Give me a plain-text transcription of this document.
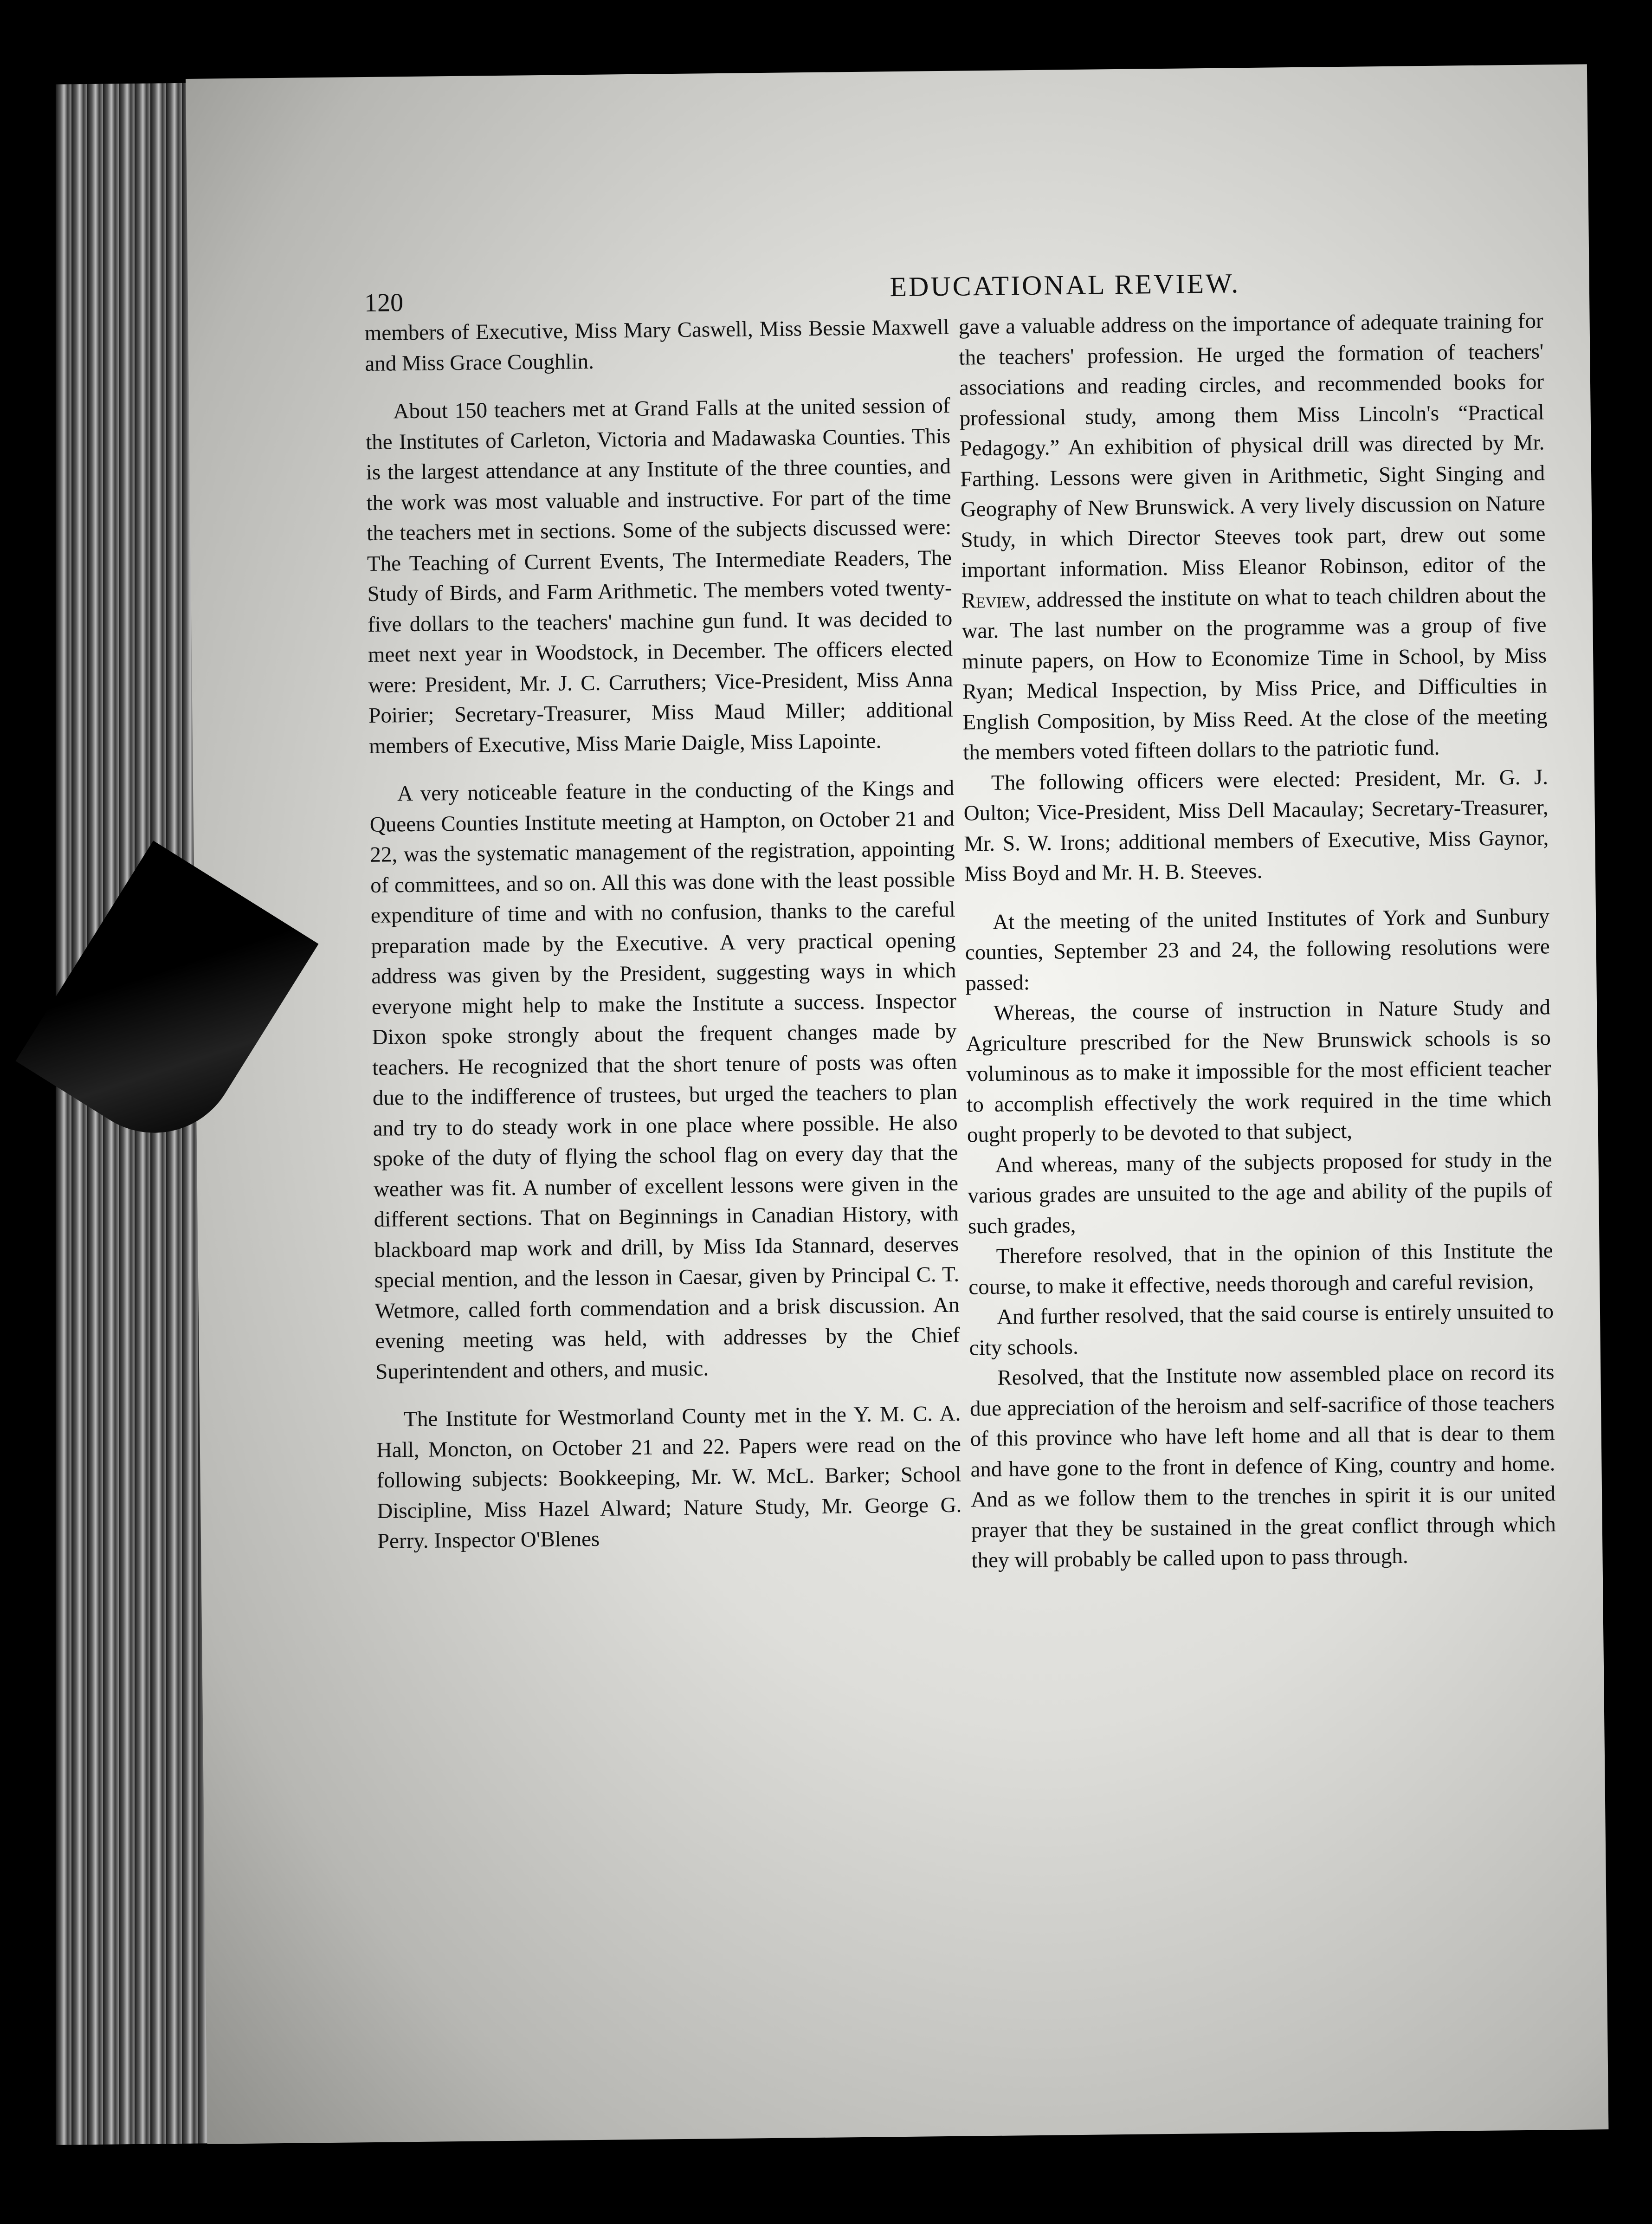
120
EDUCATIONAL REVIEW.

members of Executive, Miss Mary Caswell, Miss Bessie Maxwell and Miss Grace Coughlin.

About 150 teachers met at Grand Falls at the united session of the Institutes of Carleton, Victoria and Madawaska Counties. This is the largest attendance at any Institute of the three counties, and the work was most valuable and instructive. For part of the time the teachers met in sections. Some of the subjects discussed were: The Teaching of Current Events, The Intermediate Readers, The Study of Birds, and Farm Arithmetic. The members voted twenty-five dollars to the teachers' machine gun fund. It was decided to meet next year in Woodstock, in December. The officers elected were: President, Mr. J. C. Carruthers; Vice-President, Miss Anna Poirier; Secretary-Treasurer, Miss Maud Miller; additional members of Executive, Miss Marie Daigle, Miss Lapointe.

A very noticeable feature in the conducting of the Kings and Queens Counties Institute meeting at Hampton, on October 21 and 22, was the systematic management of the registration, appointing of committees, and so on. All this was done with the least possible expenditure of time and with no confusion, thanks to the careful preparation made by the Executive. A very practical opening address was given by the President, suggesting ways in which everyone might help to make the Institute a success. Inspector Dixon spoke strongly about the frequent changes made by teachers. He recognized that the short tenure of posts was often due to the indifference of trustees, but urged the teachers to plan and try to do steady work in one place where possible. He also spoke of the duty of flying the school flag on every day that the weather was fit. A number of excellent lessons were given in the different sections. That on Beginnings in Canadian History, with blackboard map work and drill, by Miss Ida Stannard, deserves special mention, and the lesson in Caesar, given by Principal C. T. Wetmore, called forth commendation and a brisk discussion. An evening meeting was held, with addresses by the Chief Superintendent and others, and music.

The Institute for Westmorland County met in the Y. M. C. A. Hall, Moncton, on October 21 and 22. Papers were read on the following subjects: Bookkeeping, Mr. W. McL. Barker; School Discipline, Miss Hazel Alward; Nature Study, Mr. George G. Perry. Inspector O'Blenes

gave a valuable address on the importance of adequate training for the teachers' profession. He urged the formation of teachers' associations and reading circles, and recommended books for professional study, among them Miss Lincoln's “Practical Pedagogy.” An exhibition of physical drill was directed by Mr. Farthing. Lessons were given in Arithmetic, Sight Singing and Geography of New Brunswick. A very lively discussion on Nature Study, in which Director Steeves took part, drew out some important information. Miss Eleanor Robinson, editor of the Review, addressed the institute on what to teach children about the war. The last number on the programme was a group of five minute papers, on How to Economize Time in School, by Miss Ryan; Medical Inspection, by Miss Price, and Difficulties in English Composition, by Miss Reed. At the close of the meeting the members voted fifteen dollars to the patriotic fund.

The following officers were elected: President, Mr. G. J. Oulton; Vice-President, Miss Dell Macaulay; Secretary-Treasurer, Mr. S. W. Irons; additional members of Executive, Miss Gaynor, Miss Boyd and Mr. H. B. Steeves.

At the meeting of the united Institutes of York and Sunbury counties, September 23 and 24, the following resolutions were passed:

Whereas, the course of instruction in Nature Study and Agriculture prescribed for the New Brunswick schools is so voluminous as to make it impossible for the most efficient teacher to accomplish effectively the work required in the time which ought properly to be devoted to that subject,

And whereas, many of the subjects proposed for study in the various grades are unsuited to the age and ability of the pupils of such grades,

Therefore resolved, that in the opinion of this Institute the course, to make it effective, needs thorough and careful revision,

And further resolved, that the said course is entirely unsuited to city schools.

Resolved, that the Institute now assembled place on record its due appreciation of the heroism and self-sacrifice of those teachers of this province who have left home and all that is dear to them and have gone to the front in defence of King, country and home. And as we follow them to the trenches in spirit it is our united prayer that they be sustained in the great conflict through which they will probably be called upon to pass through.
